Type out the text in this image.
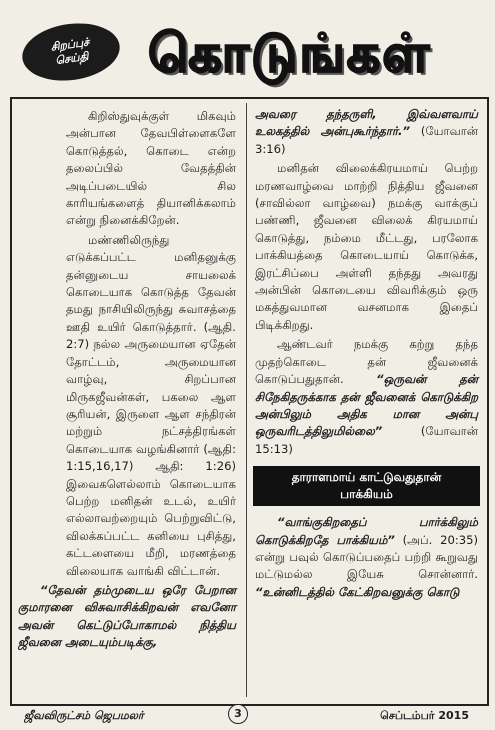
சிறப்புச்
செய்தி கொடுங்கள்

கிறிஸ்துவுக்குள் மிகவும் அன்பான தேவபிள்ளைகளே கொடுத்தல், கொடை என்ற தலைப்பில் வேதத்தின் அடிப்படையில் சில காரியங்களைத் தியானிக்கலாம் என்று நினைக்கிறேன்.

மண்ணிலிருந்து எடுக்கப்பட்ட மனிதனுக்கு தன்னுடைய சாயலைக் கொடையாக கொடுத்த தேவன் தமது நாசியிலிருந்து சுவாசத்தை ஊதி உயிர் கொடுத்தார். (ஆதி. 2:7) நல்ல அருமையான ஏதேன் தோட்டம், அருமையான வாழ்வு, சிறப்பான மிருகஜீவன்கள், பகலை ஆள சூரியன், இருளை ஆள சந்திரன் மற்றும் நட்சத்திரங்கள் கொடையாக வழங்கினார் (ஆதி: 1:15,16,17) ஆதி: 1:26) இவைகளெல்லாம் கொடையாக பெற்ற மனிதன் உடல், உயிர் எல்லாவற்றையும் பெற்றுவிட்டு, விலக்கப்பட்ட கனியை புசித்து, கட்டளையை மீறி, மரணத்தை விலையாக வாங்கி விட்டான்.

“தேவன் தம்முடைய ஒரே பேறான குமாரனை விசுவாசிக்கிறவன் எவனோ அவன் கெட்டுப்போகாமல் நித்திய ஜீவனை அடையும்படிக்கு,

அவரை தந்தருளி, இவ்வளவாய் உலகத்தில் அன்புகூர்ந்தார்.” (யோவான் 3:16)

மனிதன் விலைக்கிரயமாய் பெற்ற மரணவாழ்வை மாற்றி நித்திய ஜீவனை (சாவில்லா வாழ்வை) நமக்கு வாக்குப் பண்ணி, ஜீவனை விலைக் கிரயமாய் கொடுத்து, நம்மை மீட்டது, பரலோக பாக்கியத்தை கொடையாய் கொடுக்க, இரட்சிப்பை அள்ளி தந்தது அவரது அன்பின் கொடையை விவரிக்கும் ஒரு மகத்துவமான வசனமாக இதைப் பிடிக்கிறது.

ஆண்டவர் நமக்கு கற்று தந்த முதற்கொடை தன் ஜீவனைக் கொடுப்பதுதான்.	“ஒருவன் தன் சிநேகிதருக்காக தன் ஜீவனைக் கொடுக்கிற அன்பிலும் அதிக மான அன்பு ஒருவரிடத்திலுமில்லை”	(யோவான் 15:13)

தாராளமாய் காட்டுவதுதான்
பாக்கியம்

“வாங்குகிறதைப் பார்க்கிலும் கொடுக்கிறதே பாக்கியம்” (அப். 20:35) என்று பவுல் கொடுப்பதைப் பற்றி கூறுவது மட்டுமல்ல இயேசு சொன்னார். “உன்னிடத்தில் கேட்கிறவனுக்கு கொடு

ஜீவவிருட்சம் ஜெபமலர்	3	செப்டம்பர் 2015
